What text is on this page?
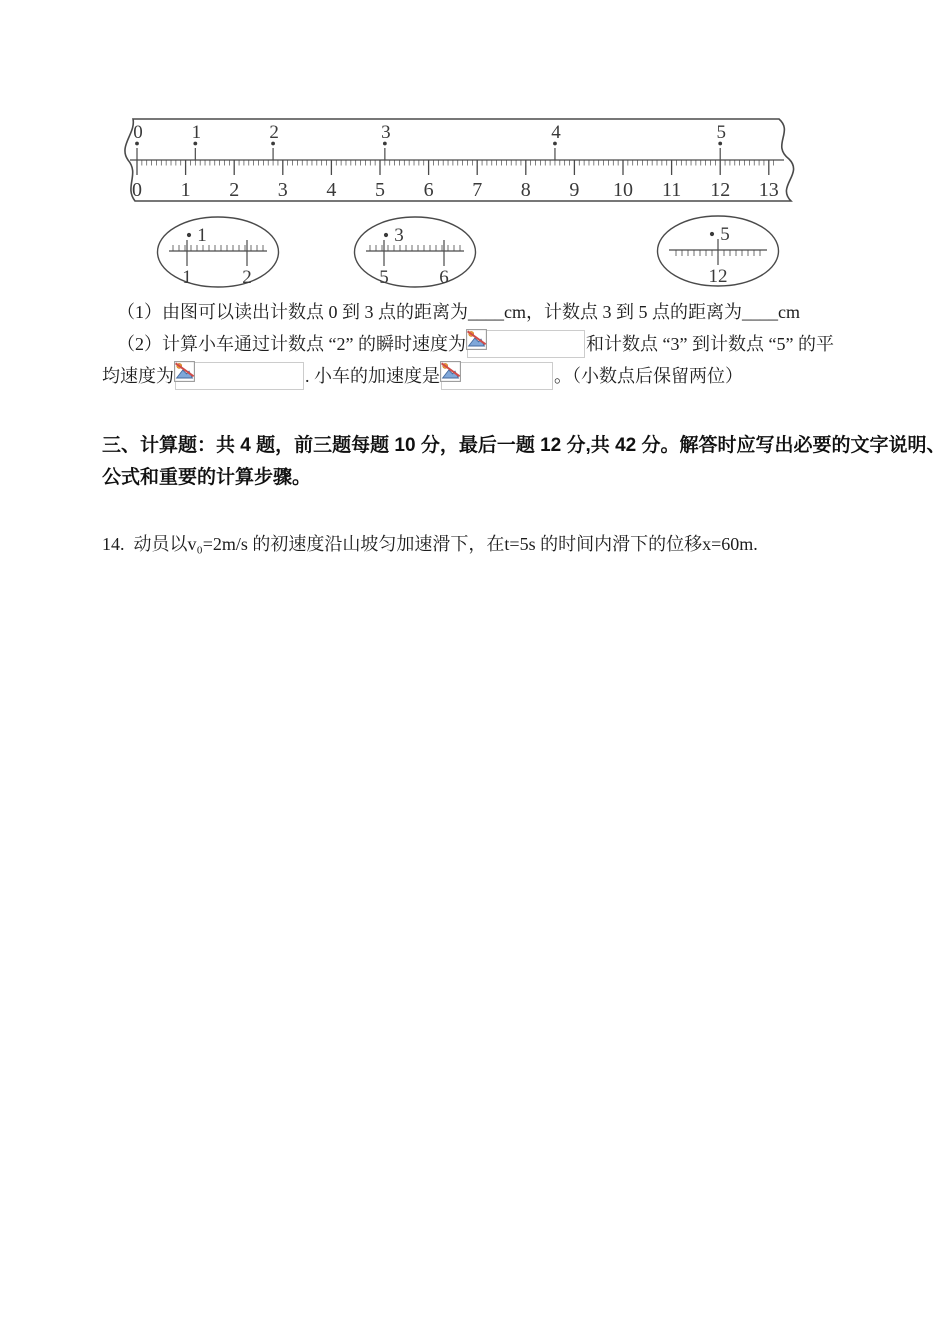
0 1 2 3 4 5 6 7 8 9 10 11 12 13
0	1	2	3	4	5
1	2
1
5	6
3
12
5
（1）由图可以读出计数点 0 到 3 点的距离为____cm，计数点 3 到 5 点的距离为____cm
（2）计算小车通过计数点 “2” 的瞬时速度为	和计数点 “3” 到计数点 “5” 的平
均速度为	. 小车的加速度是	。（小数点后保留两位）
三、计算题：共 4 题，前三题每题 10 分，最后一题 12 分,共 42 分。解答时应写出必要的文字说明、
公式和重要的计算步骤。
14.  动员以v₀=2m/s 的初速度沿山坡匀加速滑下，在t=5s 的时间内滑下的位移x=60m.
